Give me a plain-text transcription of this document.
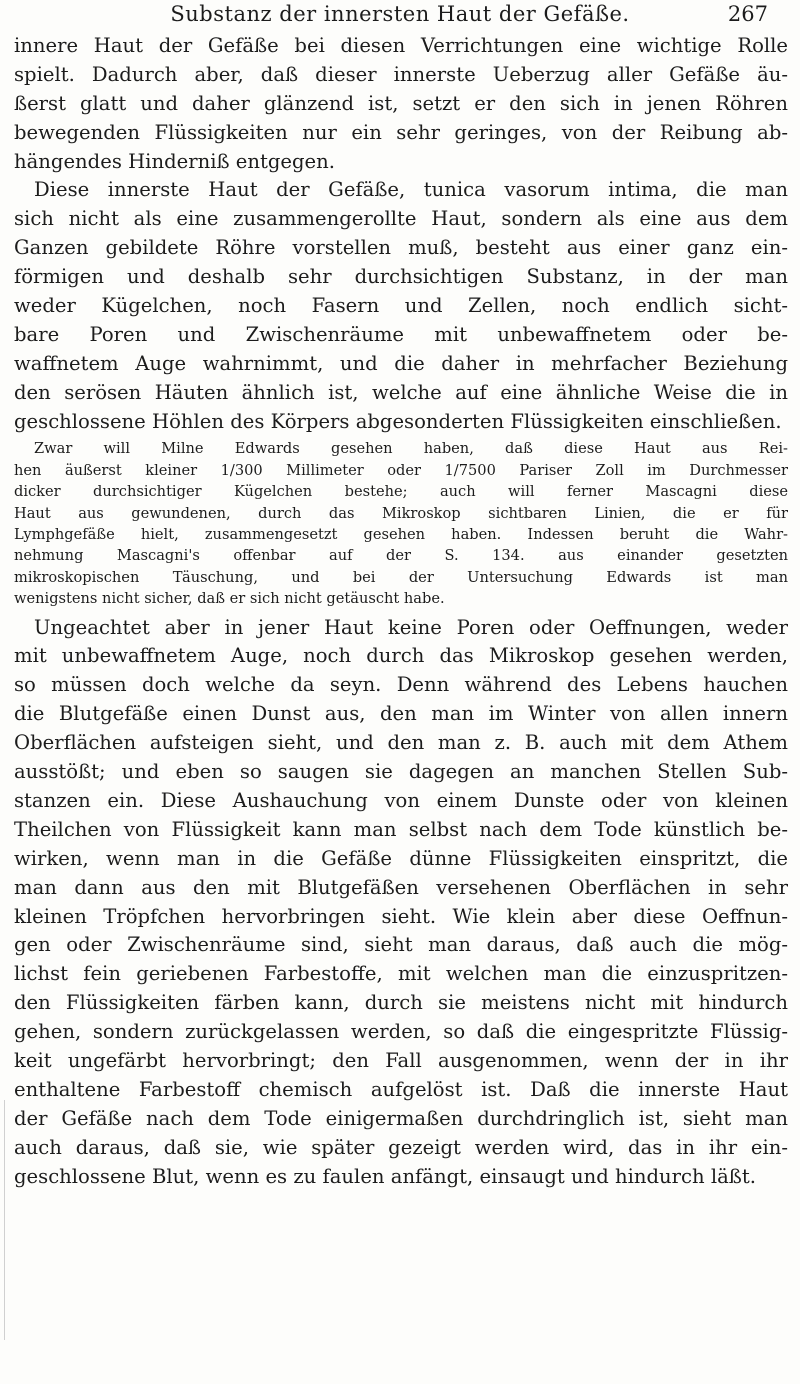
Substanz der innersten Haut der Gefäße.	267
innere Haut der Gefäße bei diesen Verrichtungen eine wichtige Rolle
spielt. Dadurch aber, daß dieser innerste Ueberzug aller Gefäße äu-
ßerst glatt und daher glänzend ist, setzt er den sich in jenen Röhren
bewegenden Flüssigkeiten nur ein sehr geringes, von der Reibung ab-
hängendes Hinderniß entgegen.
Diese innerste Haut der Gefäße, tunica vasorum intima, die man
sich nicht als eine zusammengerollte Haut, sondern als eine aus dem
Ganzen gebildete Röhre vorstellen muß, besteht aus einer ganz ein-
förmigen und deshalb sehr durchsichtigen Substanz, in der man
weder Kügelchen, noch Fasern und Zellen, noch endlich sicht-
bare Poren und Zwischenräume mit unbewaffnetem oder be-
waffnetem Auge wahrnimmt, und die daher in mehrfacher Beziehung
den serösen Häuten ähnlich ist, welche auf eine ähnliche Weise die in
geschlossene Höhlen des Körpers abgesonderten Flüssigkeiten einschließen.
Zwar will Milne Edwards gesehen haben, daß diese Haut aus Rei-
hen äußerst kleiner 1/300 Millimeter oder 1/7500 Pariser Zoll im Durchmesser
dicker durchsichtiger Kügelchen bestehe; auch will ferner Mascagni diese
Haut aus gewundenen, durch das Mikroskop sichtbaren Linien, die er für
Lymphgefäße hielt, zusammengesetzt gesehen haben. Indessen beruht die Wahr-
nehmung Mascagni's offenbar auf der S. 134. aus einander gesetzten
mikroskopischen Täuschung, und bei der Untersuchung Edwards ist man
wenigstens nicht sicher, daß er sich nicht getäuscht habe.
Ungeachtet aber in jener Haut keine Poren oder Oeffnungen, weder
mit unbewaffnetem Auge, noch durch das Mikroskop gesehen werden,
so müssen doch welche da seyn. Denn während des Lebens hauchen
die Blutgefäße einen Dunst aus, den man im Winter von allen innern
Oberflächen aufsteigen sieht, und den man z. B. auch mit dem Athem
ausstößt; und eben so saugen sie dagegen an manchen Stellen Sub-
stanzen ein. Diese Aushauchung von einem Dunste oder von kleinen
Theilchen von Flüssigkeit kann man selbst nach dem Tode künstlich be-
wirken, wenn man in die Gefäße dünne Flüssigkeiten einspritzt, die
man dann aus den mit Blutgefäßen versehenen Oberflächen in sehr
kleinen Tröpfchen hervorbringen sieht. Wie klein aber diese Oeffnun-
gen oder Zwischenräume sind, sieht man daraus, daß auch die mög-
lichst fein geriebenen Farbestoffe, mit welchen man die einzuspritzen-
den Flüssigkeiten färben kann, durch sie meistens nicht mit hindurch
gehen, sondern zurückgelassen werden, so daß die eingespritzte Flüssig-
keit ungefärbt hervorbringt; den Fall ausgenommen, wenn der in ihr
enthaltene Farbestoff chemisch aufgelöst ist. Daß die innerste Haut
der Gefäße nach dem Tode einigermaßen durchdringlich ist, sieht man
auch daraus, daß sie, wie später gezeigt werden wird, das in ihr ein-
geschlossene Blut, wenn es zu faulen anfängt, einsaugt und hindurch läßt.
